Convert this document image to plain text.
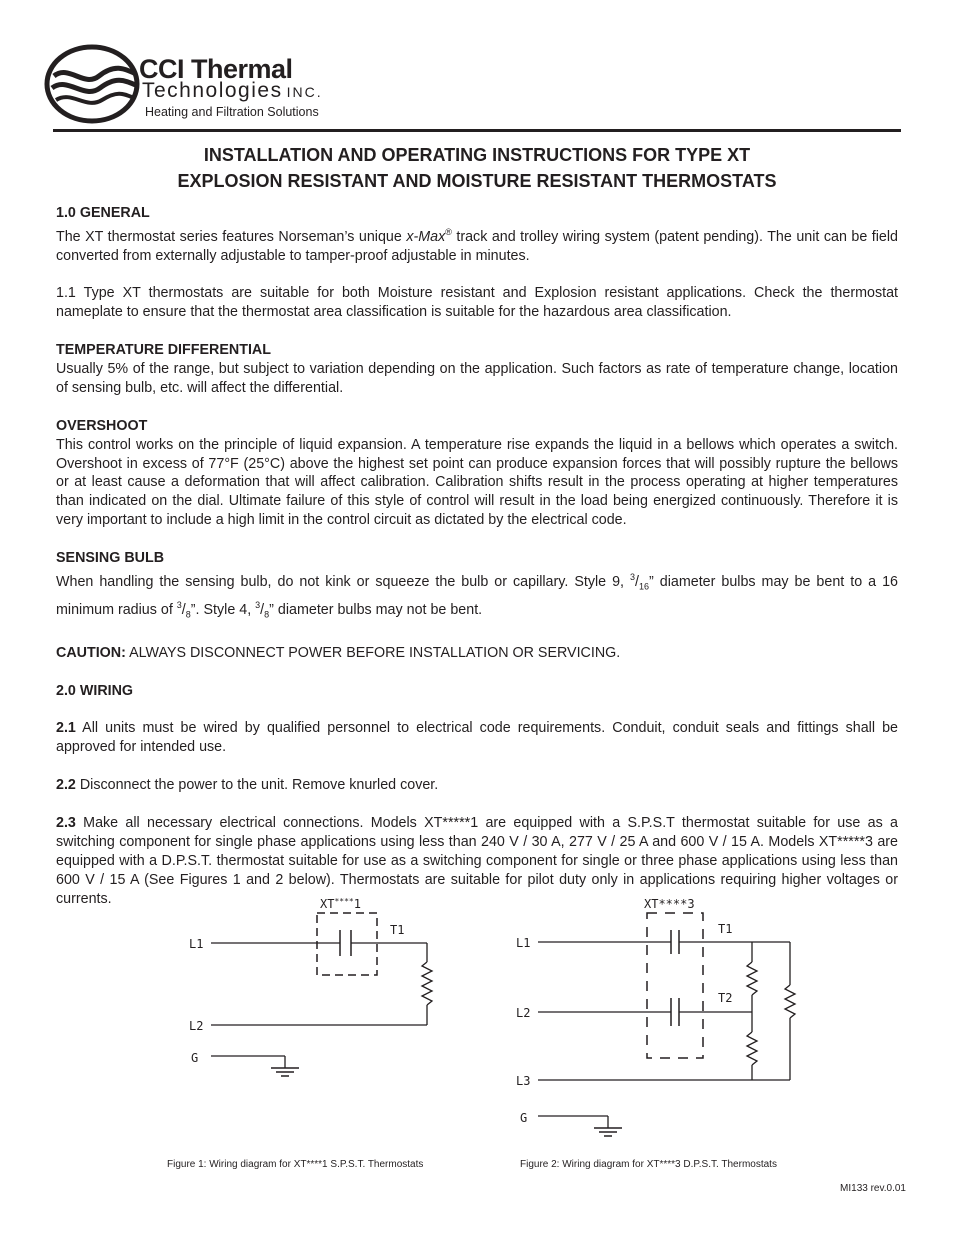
CCI Thermal
Technologies INC.
Heating and Filtration Solutions
INSTALLATION AND OPERATING INSTRUCTIONS FOR TYPE XT
EXPLOSION RESISTANT AND MOISTURE RESISTANT THERMOSTATS

1.0 GENERAL

The XT thermostat series features Norseman’s unique x-Max® track and trolley wiring system (patent pending). The unit can be field converted from externally adjustable to tamper-proof adjustable in minutes.

1.1 Type XT thermostats are suitable for both Moisture resistant and Explosion resistant applications. Check the thermostat nameplate to ensure that the thermostat area classification is suitable for the hazardous area classification.

TEMPERATURE DIFFERENTIAL

Usually 5% of the range, but subject to variation depending on the application. Such factors as rate of temperature change, location of sensing bulb, etc. will affect the differential.

OVERSHOOT

This control works on the principle of liquid expansion. A temperature rise expands the liquid in a bellows which operates a switch. Overshoot in excess of 77°F (25°C) above the highest set point can produce expansion forces that will possibly rupture the bellows or at least cause a deformation that will affect calibration. Calibration shifts result in the process operating at higher temperatures than indicated on the dial. Ultimate failure of this style of control will result in the load being energized continuously. Therefore it is very important to include a high limit in the control circuit as dictated by the electrical code.

SENSING BULB

When handling the sensing bulb, do not kink or squeeze the bulb or capillary. Style 9, $^3/_{16}$” diameter bulbs may be bent to a 16 minimum radius of $^3/_8$”. Style 4, $^3/_8$” diameter bulbs may not be bent.

CAUTION: ALWAYS DISCONNECT POWER BEFORE INSTALLATION OR SERVICING.

2.0 WIRING

2.1 All units must be wired by qualified personnel to electrical code requirements. Conduit, conduit seals and fittings shall be approved for intended use.

2.2 Disconnect the power to the unit. Remove knurled cover.

2.3 Make all necessary electrical connections. Models XT*****1 are equipped with a S.P.S.T thermostat suitable for use as a switching component for single phase applications using less than 240 V / 30 A, 277 V / 25 A and 600 V / 15 A. Models XT*****3 are equipped with a D.P.S.T. thermostat suitable for use as a switching component for single or three phase applications using less than 600 V / 15 A (See Figures 1 and 2 below). Thermostats are suitable for pilot duty only in applications requiring higher voltages or currents.	XT****1
T1
L1
L2
G
XT****3
T1
T2
L1
L2
L3
G
Figure 1: Wiring diagram for XT****1 S.P.S.T. Thermostats	Figure 2: Wiring diagram for XT****3 D.P.S.T. Thermostats
MI133 rev.0.01
